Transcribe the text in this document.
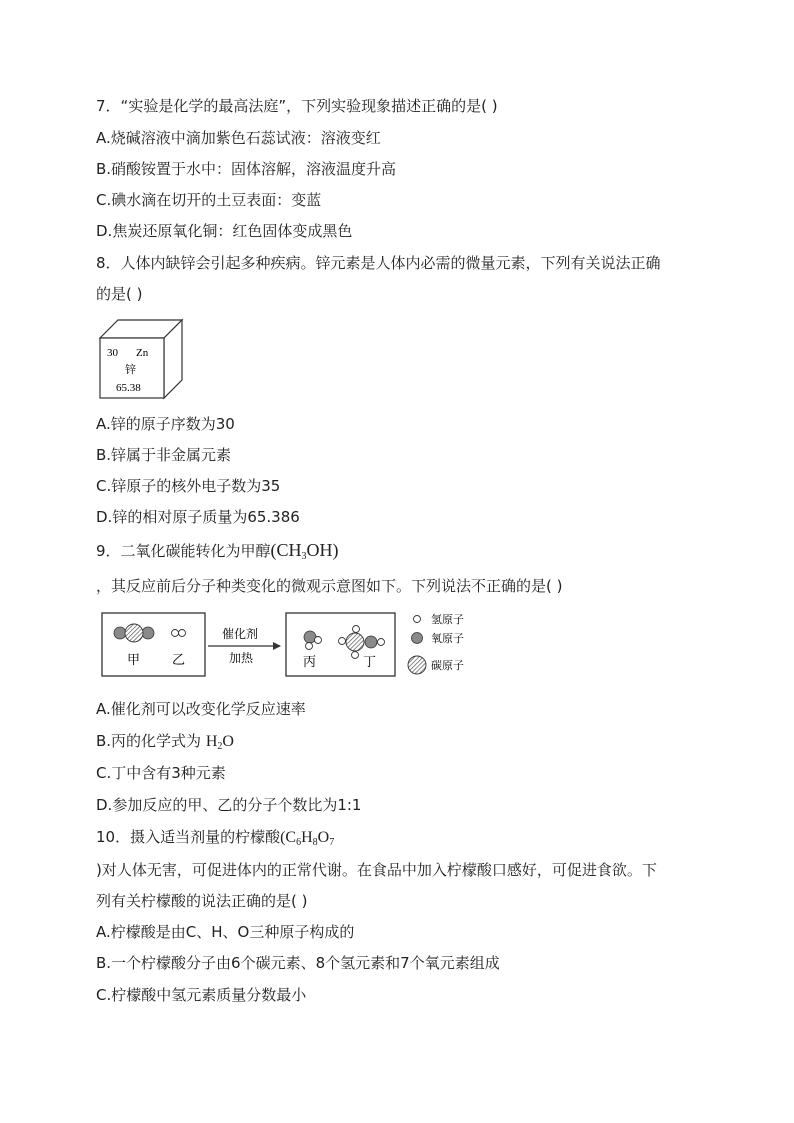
7．“实验是化学的最高法庭”，下列实验现象描述正确的是( )
A.烧碱溶液中滴加紫色石蕊试液：溶液变红
B.硝酸铵置于水中：固体溶解，溶液温度升高
C.碘水滴在切开的土豆表面：变蓝
D.焦炭还原氧化铜：红色固体变成黑色
8．人体内缺锌会引起多种疾病。锌元素是人体内必需的微量元素，下列有关说法正确
的是( )
30 Zn
锌
65.38
A.锌的原子序数为30
B.锌属于非金属元素
C.锌原子的核外电子数为35
D.锌的相对原子质量为65.386
9．二氧化碳能转化为甲醇$(CH_3OH)$
，其反应前后分子种类变化的微观示意图如下。下列说法不正确的是( )
甲 乙
催化剂
加热	丙	丁
氢原子
氧原子
碳原子
A.催化剂可以改变化学反应速率
B.丙的化学式为 $H_2O$
C.丁中含有3种元素
D.参加反应的甲、乙的分子个数比为1:1
10．摄入适当剂量的柠檬酸($C_6H_8O_7$
)对人体无害，可促进体内的正常代谢。在食品中加入柠檬酸口感好，可促进食欲。下
列有关柠檬酸的说法正确的是( )
A.柠檬酸是由C、H、O三种原子构成的
B.一个柠檬酸分子由6个碳元素、8个氢元素和7个氧元素组成
C.柠檬酸中氢元素质量分数最小
